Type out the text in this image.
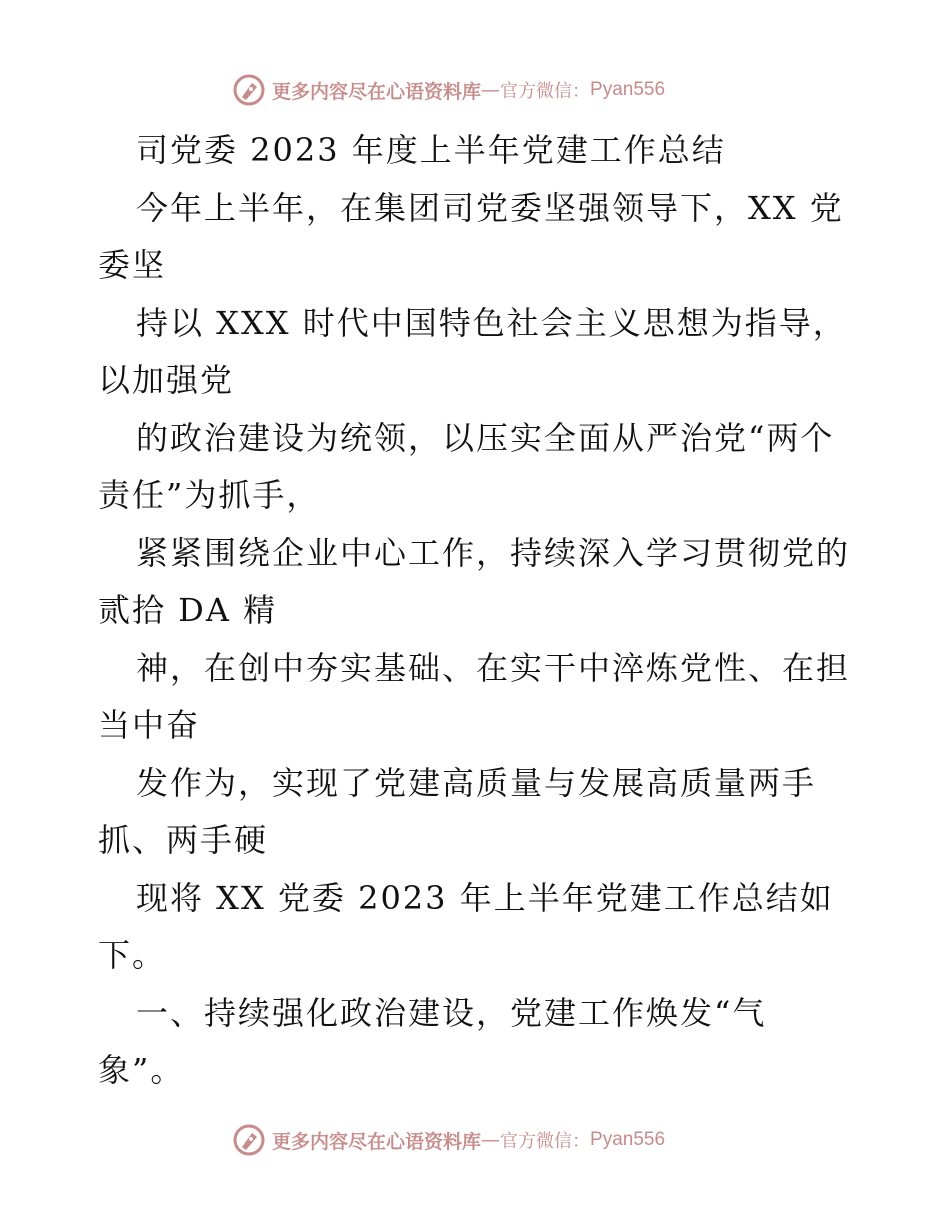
更多内容尽在心语资料库 — 官方微信： Pyan556
司党委 2023 年度上半年党建工作总结
今年上半年，在集团司党委坚强领导下，XX 党
委坚
持以 XXX 时代中国特色社会主义思想为指导，
以加强党
的政治建设为统领，以压实全面从严治党“两个
责任”为抓手，
紧紧围绕企业中心工作，持续深入学习贯彻党的
贰拾 DA 精
神，在创中夯实基础、在实干中淬炼党性、在担
当中奋
发作为，实现了党建高质量与发展高质量两手
抓、两手硬
现将 XX 党委 2023 年上半年党建工作总结如
下。
一、持续强化政治建设，党建工作焕发“气
象”。
更多内容尽在心语资料库 — 官方微信： Pyan556
